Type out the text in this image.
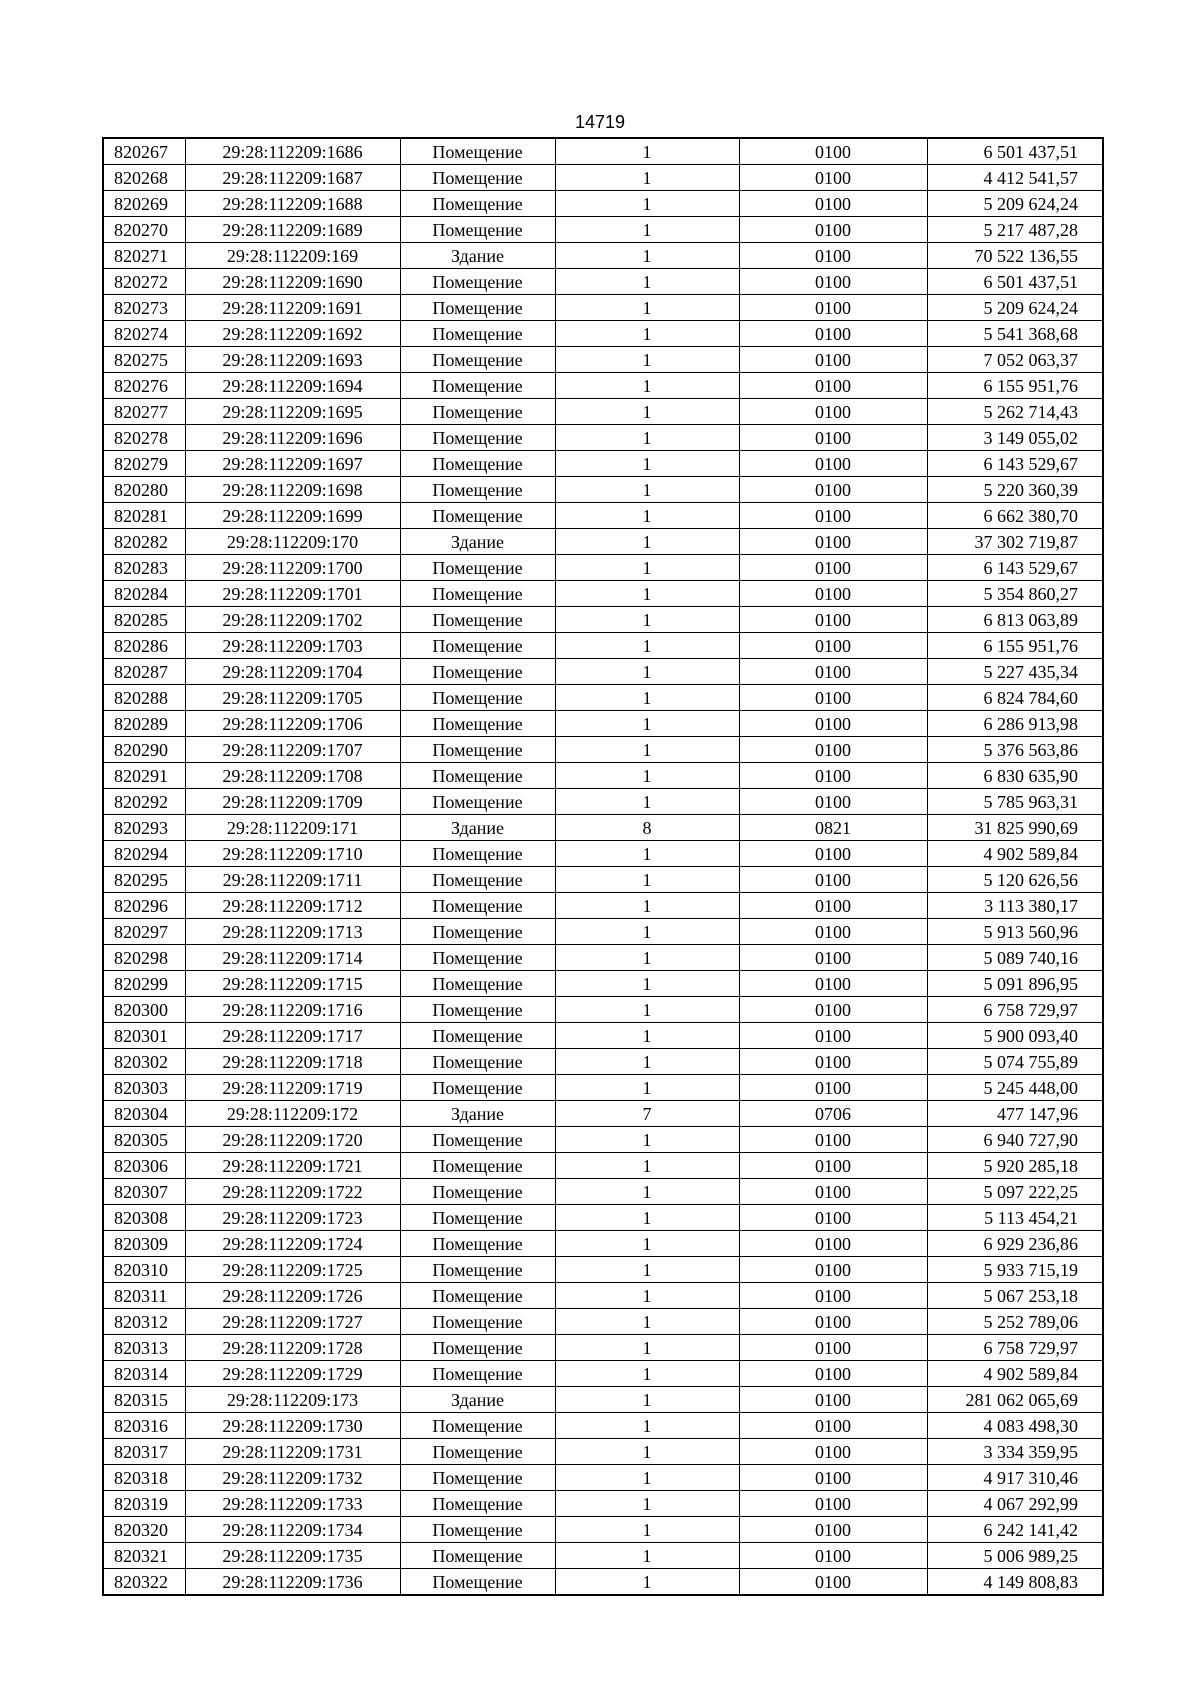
14719
820267	29:28:112209:1686	Помещение	1	0100	6 501 437,51
820268	29:28:112209:1687	Помещение	1	0100	4 412 541,57
820269	29:28:112209:1688	Помещение	1	0100	5 209 624,24
820270	29:28:112209:1689	Помещение	1	0100	5 217 487,28
820271	29:28:112209:169	Здание	1	0100	70 522 136,55
820272	29:28:112209:1690	Помещение	1	0100	6 501 437,51
820273	29:28:112209:1691	Помещение	1	0100	5 209 624,24
820274	29:28:112209:1692	Помещение	1	0100	5 541 368,68
820275	29:28:112209:1693	Помещение	1	0100	7 052 063,37
820276	29:28:112209:1694	Помещение	1	0100	6 155 951,76
820277	29:28:112209:1695	Помещение	1	0100	5 262 714,43
820278	29:28:112209:1696	Помещение	1	0100	3 149 055,02
820279	29:28:112209:1697	Помещение	1	0100	6 143 529,67
820280	29:28:112209:1698	Помещение	1	0100	5 220 360,39
820281	29:28:112209:1699	Помещение	1	0100	6 662 380,70
820282	29:28:112209:170	Здание	1	0100	37 302 719,87
820283	29:28:112209:1700	Помещение	1	0100	6 143 529,67
820284	29:28:112209:1701	Помещение	1	0100	5 354 860,27
820285	29:28:112209:1702	Помещение	1	0100	6 813 063,89
820286	29:28:112209:1703	Помещение	1	0100	6 155 951,76
820287	29:28:112209:1704	Помещение	1	0100	5 227 435,34
820288	29:28:112209:1705	Помещение	1	0100	6 824 784,60
820289	29:28:112209:1706	Помещение	1	0100	6 286 913,98
820290	29:28:112209:1707	Помещение	1	0100	5 376 563,86
820291	29:28:112209:1708	Помещение	1	0100	6 830 635,90
820292	29:28:112209:1709	Помещение	1	0100	5 785 963,31
820293	29:28:112209:171	Здание	8	0821	31 825 990,69
820294	29:28:112209:1710	Помещение	1	0100	4 902 589,84
820295	29:28:112209:1711	Помещение	1	0100	5 120 626,56
820296	29:28:112209:1712	Помещение	1	0100	3 113 380,17
820297	29:28:112209:1713	Помещение	1	0100	5 913 560,96
820298	29:28:112209:1714	Помещение	1	0100	5 089 740,16
820299	29:28:112209:1715	Помещение	1	0100	5 091 896,95
820300	29:28:112209:1716	Помещение	1	0100	6 758 729,97
820301	29:28:112209:1717	Помещение	1	0100	5 900 093,40
820302	29:28:112209:1718	Помещение	1	0100	5 074 755,89
820303	29:28:112209:1719	Помещение	1	0100	5 245 448,00
820304	29:28:112209:172	Здание	7	0706	477 147,96
820305	29:28:112209:1720	Помещение	1	0100	6 940 727,90
820306	29:28:112209:1721	Помещение	1	0100	5 920 285,18
820307	29:28:112209:1722	Помещение	1	0100	5 097 222,25
820308	29:28:112209:1723	Помещение	1	0100	5 113 454,21
820309	29:28:112209:1724	Помещение	1	0100	6 929 236,86
820310	29:28:112209:1725	Помещение	1	0100	5 933 715,19
820311	29:28:112209:1726	Помещение	1	0100	5 067 253,18
820312	29:28:112209:1727	Помещение	1	0100	5 252 789,06
820313	29:28:112209:1728	Помещение	1	0100	6 758 729,97
820314	29:28:112209:1729	Помещение	1	0100	4 902 589,84
820315	29:28:112209:173	Здание	1	0100	281 062 065,69
820316	29:28:112209:1730	Помещение	1	0100	4 083 498,30
820317	29:28:112209:1731	Помещение	1	0100	3 334 359,95
820318	29:28:112209:1732	Помещение	1	0100	4 917 310,46
820319	29:28:112209:1733	Помещение	1	0100	4 067 292,99
820320	29:28:112209:1734	Помещение	1	0100	6 242 141,42
820321	29:28:112209:1735	Помещение	1	0100	5 006 989,25
820322	29:28:112209:1736	Помещение	1	0100	4 149 808,83
